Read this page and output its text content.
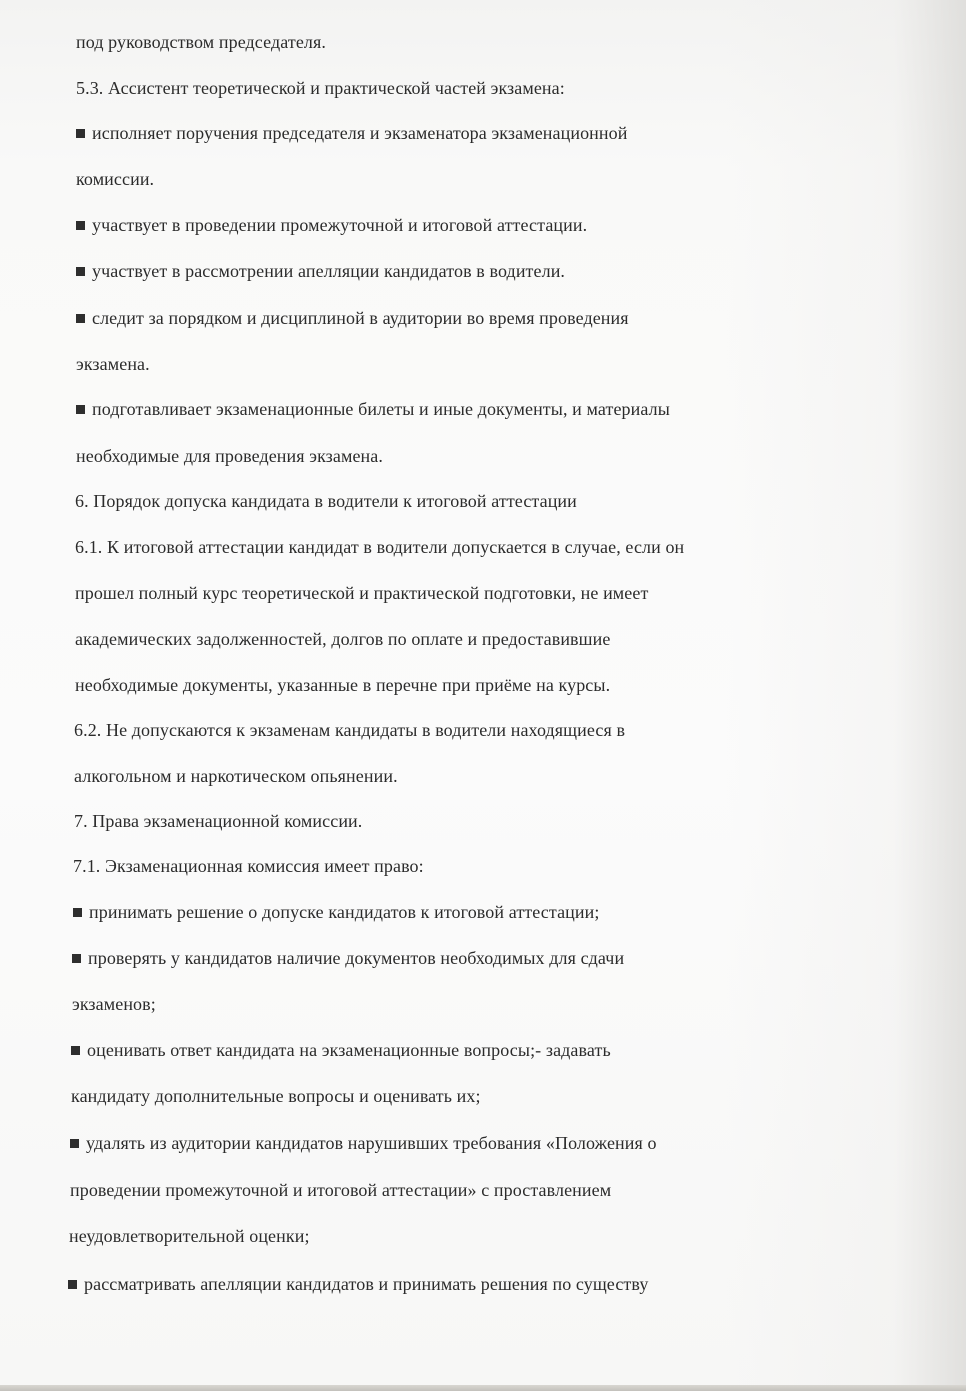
под руководством председателя.
5.3. Ассистент теоретической и практической частей экзамена:
исполняет поручения председателя и экзаменатора экзаменационной
комиссии.
участвует в проведении промежуточной и итоговой аттестации.
участвует в рассмотрении апелляции кандидатов в водители.
следит за порядком и дисциплиной в аудитории во время проведения
экзамена.
подготавливает экзаменационные билеты и иные документы, и материалы
необходимые для проведения экзамена.
6. Порядок допуска кандидата в водители к итоговой аттестации
6.1. К итоговой аттестации кандидат в водители допускается в случае, если он
прошел полный курс теоретической и практической подготовки, не имеет
академических задолженностей, долгов по оплате и предоставившие
необходимые документы, указанные в перечне при приёме на курсы.
6.2. Не допускаются к экзаменам кандидаты в водители находящиеся в
алкогольном и наркотическом опьянении.
7. Права экзаменационной комиссии.
7.1. Экзаменационная комиссия имеет право:
принимать решение о допуске кандидатов к итоговой аттестации;
проверять у кандидатов наличие документов необходимых для сдачи
экзаменов;
оценивать ответ кандидата на экзаменационные вопросы;- задавать
кандидату дополнительные вопросы и оценивать их;
удалять из аудитории кандидатов нарушивших требования «Положения о
проведении промежуточной и итоговой аттестации» с проставлением
неудовлетворительной оценки;
рассматривать апелляции кандидатов и принимать решения по существу
